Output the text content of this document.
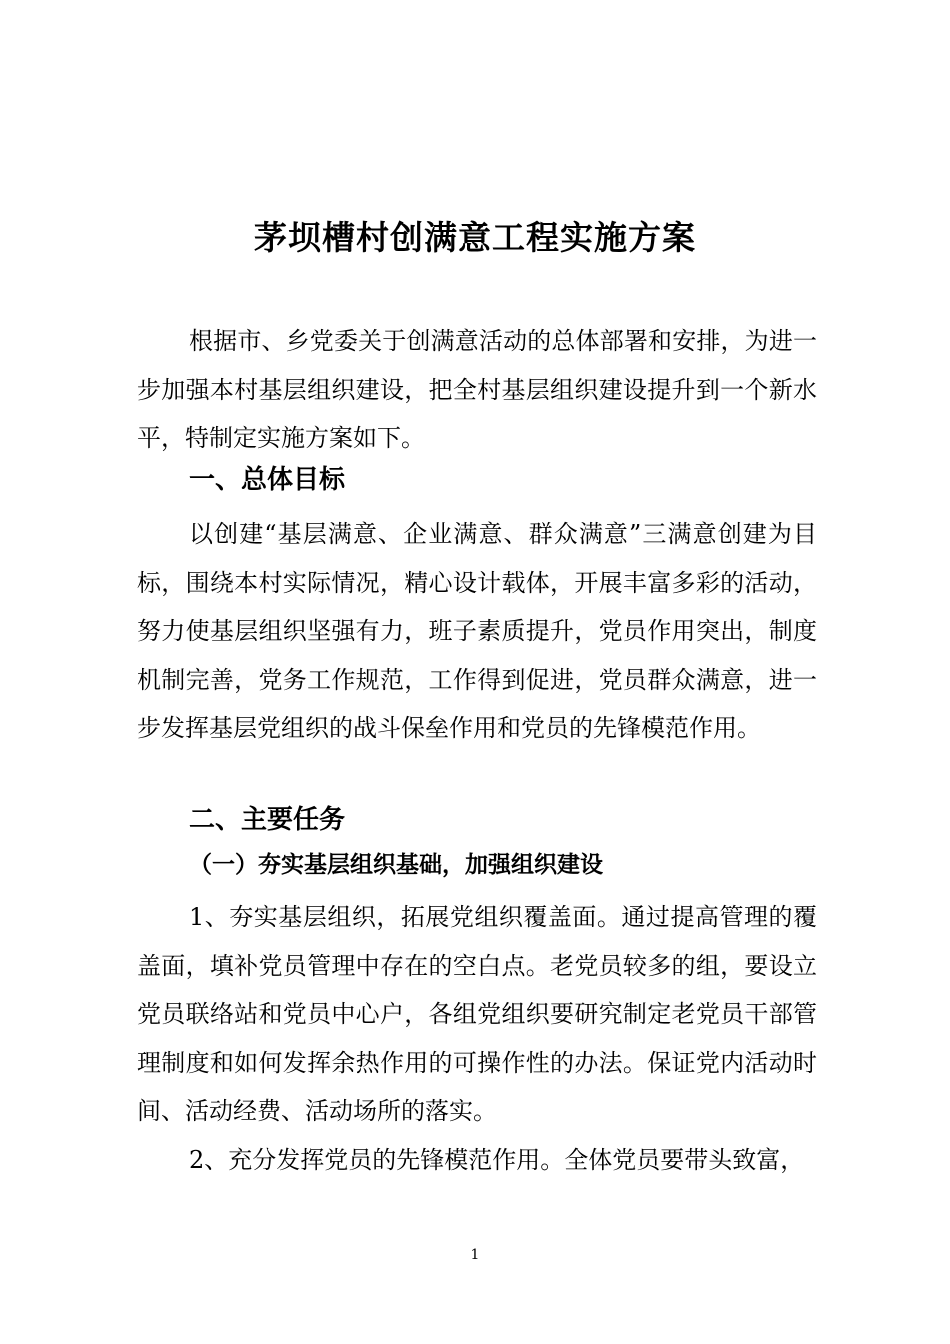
茅坝槽村创满意工程实施方案

根据市、乡党委关于创满意活动的总体部署和安排，为进一步加强本村基层组织建设，把全村基层组织建设提升到一个新水平，特制定实施方案如下。

一、总体目标

以创建“基层满意、企业满意、群众满意”三满意创建为目标，围绕本村实际情况，精心设计载体，开展丰富多彩的活动，努力使基层组织坚强有力，班子素质提升，党员作用突出，制度机制完善，党务工作规范，工作得到促进，党员群众满意，进一步发挥基层党组织的战斗保垒作用和党员的先锋模范作用。

二、主要任务
（一）夯实基层组织基础，加强组织建设

1、夯实基层组织，拓展党组织覆盖面。通过提高管理的覆盖面，填补党员管理中存在的空白点。老党员较多的组，要设立党员联络站和党员中心户，各组党组织要研究制定老党员干部管理制度和如何发挥余热作用的可操作性的办法。保证党内活动时间、活动经费、活动场所的落实。

2、充分发挥党员的先锋模范作用。全体党员要带头致富，

1
